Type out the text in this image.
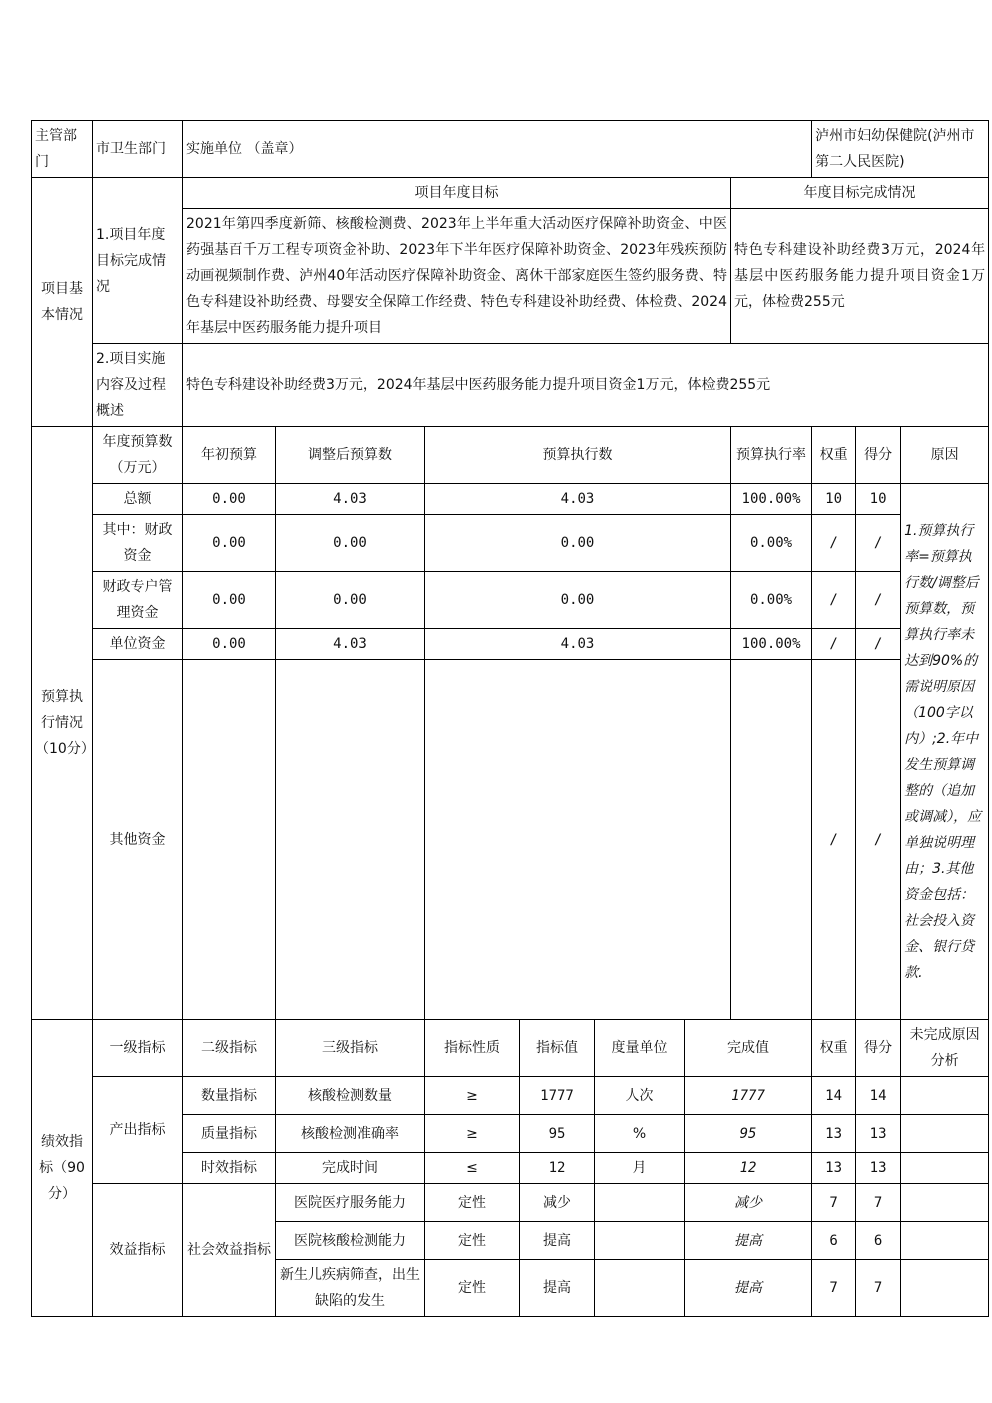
主管部门	市卫生部门	实施单位 （盖章）							泸州市妇幼保健院(泸州市第二人民医院)		
项目基本情况	1.项目年度目标完成情况	项目年度目标						年度目标完成情况			
		2021年第四季度新筛、核酸检测费、2023年上半年重大活动医疗保障补助资金、中医药强基百千万工程专项资金补助、2023年下半年医疗保障补助资金、2023年残疾预防动画视频制作费、泸州40年活动医疗保障补助资金、离休干部家庭医生签约服务费、特色专科建设补助经费、母婴安全保障工作经费、特色专科建设补助经费、体检费、2024年基层中医药服务能力提升项目						特色专科建设补助经费3万元，2024年基层中医药服务能力提升项目资金1万元，体检费255元			
	2.项目实施内容及过程概述	特色专科建设补助经费3万元，2024年基层中医药服务能力提升项目资金1万元，体检费255元									
预算执行情况（10分）	年度预算数（万元）	年初预算	调整后预算数	预算执行数				预算执行率	权重	得分	原因
	总额	0.00	4.03	4.03				100.00%	10	10	1.预算执行率=预算执行数/调整后预算数，预算执行率未达到90%的需说明原因（100字以内）;2.年中发生预算调整的（追加或调减），应单独说明理由；3.其他资金包括：社会投入资金、银行贷款.
	其中：财政资金	0.00	0.00	0.00				0.00%	/	/	
	财政专户管理资金	0.00	0.00	0.00				0.00%	/	/	
	单位资金	0.00	4.03	4.03				100.00%	/	/	
	其他资金								/	/	
绩效指标（90分）	一级指标	二级指标	三级指标	指标性质	指标值	度量单位	完成值		权重	得分	未完成原因分析
	产出指标	数量指标	核酸检测数量	≥	1777	人次	1777		14	14	
		质量指标	核酸检测准确率	≥	95	%	95		13	13	
		时效指标	完成时间	≤	12	月	12		13	13	
	效益指标	社会效益指标	医院医疗服务能力	定性	减少		减少		7	7	
			医院核酸检测能力	定性	提高		提高		6	6	
			新生儿疾病筛查，出生缺陷的发生	定性	提高		提高		7	7	
